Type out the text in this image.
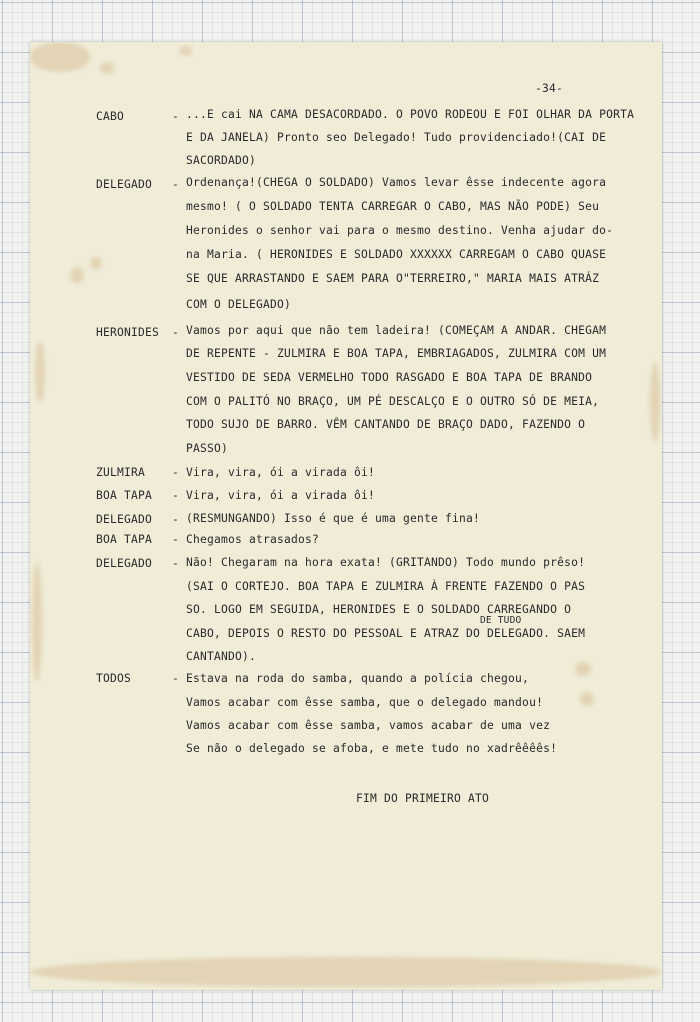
-34-
CABO	-
DELEGADO -
HERONIDES -
ZULMIRA -
BOA TAPA -
DELEGADO -
BOA TAPA -
DELEGADO -
TODOS	-
...E cai NA CAMA DESACORDADO. O POVO RODEOU E FOI OLHAR DA PORTA
E DA JANELA) Pronto seo Delegado! Tudo providenciado!(CAI DE
SACORDADO)
Ordenança!(CHEGA O SOLDADO) Vamos levar êsse indecente agora
mesmo! ( O SOLDADO TENTA CARREGAR O CABO, MAS NÃO PODE) Seu
Heronides o senhor vai para o mesmo destino. Venha ajudar do-
na Maria. ( HERONIDES E SOLDADO XXXXXX CARREGAM O CABO QUASE
SE QUE ARRASTANDO E SAEM PARA O"TERREIRO," MARIA MAIS ATRÁZ
COM O DELEGADO)
Vamos por aqui que não tem ladeira! (COMEÇAM A ANDAR. CHEGAM
DE REPENTE - ZULMIRA E BOA TAPA, EMBRIAGADOS, ZULMIRA COM UM
VESTIDO DE SEDA VERMELHO TODO RASGADO E BOA TAPA DE BRANDO
COM O PALITÓ NO BRAÇO, UM PÉ DESCALÇO E O OUTRO SÓ DE MEIA,
TODO SUJO DE BARRO. VÊM CANTANDO DE BRAÇO DADO, FAZENDO O
PASSO)
Vira, vira, ói a virada ôi!
Vira, vira, ói a virada ôi!
(RESMUNGANDO) Isso é que é uma gente fina!
Chegamos atrasados?
Não! Chegaram na hora exata! (GRITANDO) Todo mundo prêso!
(SAI O CORTEJO. BOA TAPA E ZULMIRA À FRENTE FAZENDO O PAS
SO. LOGO EM SEGUIDA, HERONIDES E O SOLDADO CARREGANDO O
DE TUDO
CABO, DEPOIS O RESTO DO PESSOAL E ATRAZ DO DELEGADO. SAEM
CANTANDO).
Estava na roda do samba, quando a polícia chegou,
Vamos acabar com êsse samba, que o delegado mandou!
Vamos acabar com êsse samba, vamos acabar de uma vez
Se não o delegado se afoba, e mete tudo no xadrêêêês!
FIM DO PRIMEIRO ATO
